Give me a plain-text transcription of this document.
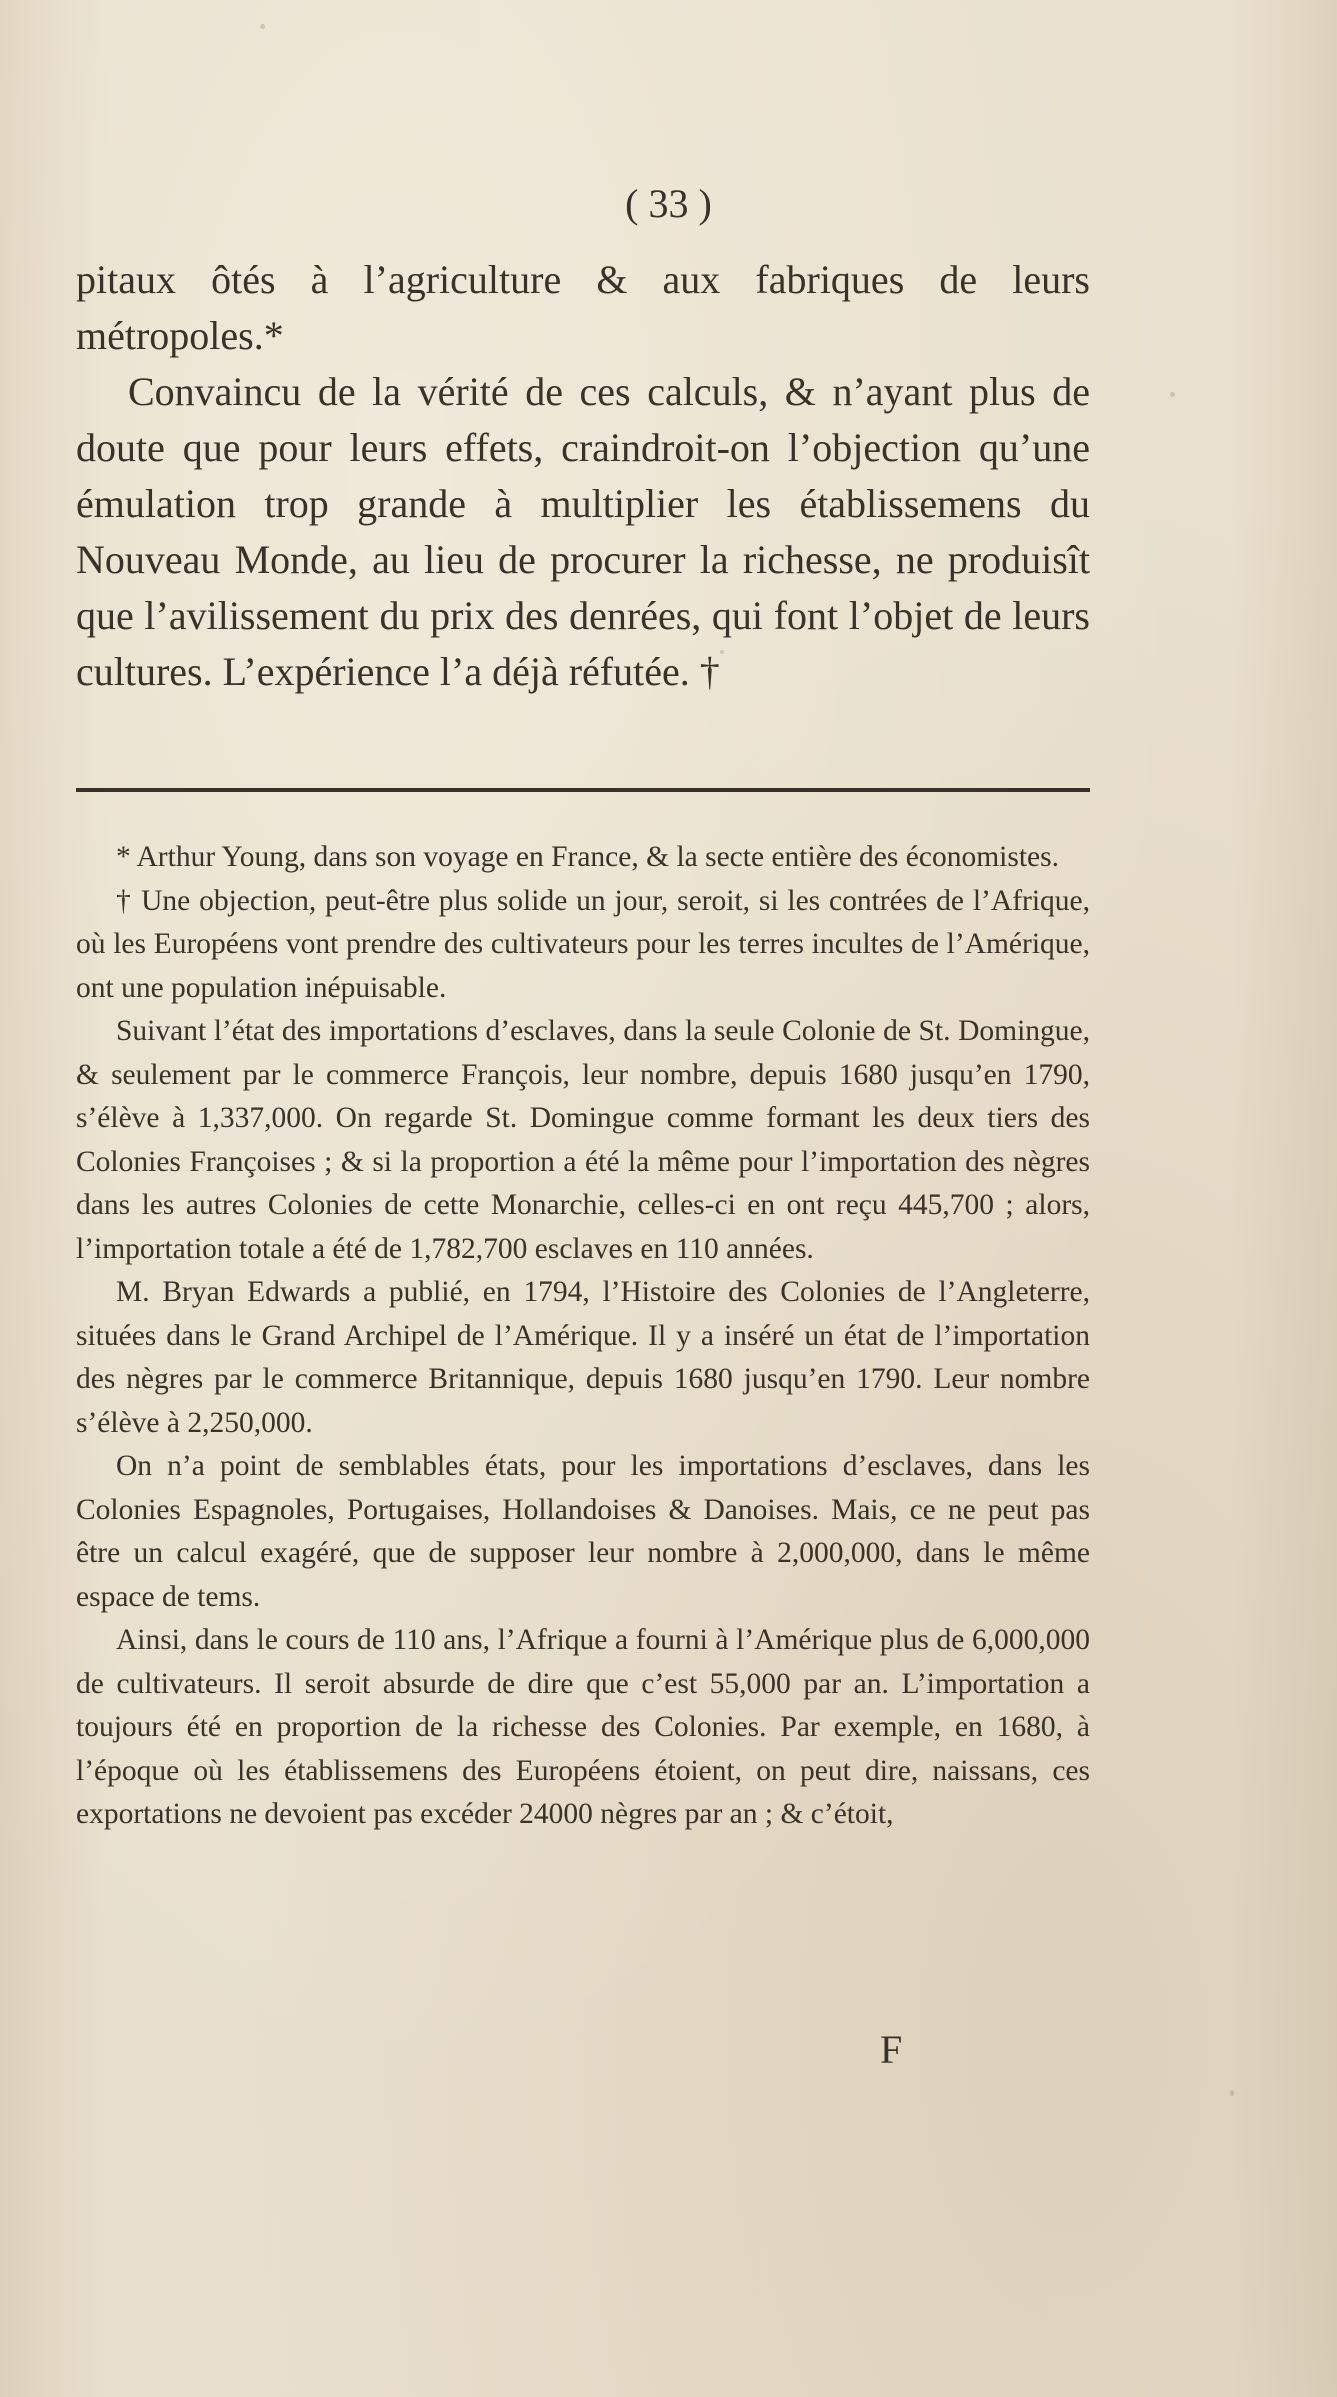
( 33 )

pitaux ôtés à l’agriculture & aux fabriques de leurs métropoles.*

Convaincu de la vérité de ces calculs, & n’ayant plus de doute que pour leurs effets, craindroit-on l’objection qu’une émulation trop grande à multiplier les établissemens du Nouveau Monde, au lieu de procurer la richesse, ne produisît que l’avilissement du prix des denrées, qui font l’objet de leurs cultures. L’expérience l’a déjà réfutée. †

* Arthur Young, dans son voyage en France, & la secte entière des économistes.

† Une objection, peut-être plus solide un jour, seroit, si les contrées de l’Afrique, où les Européens vont prendre des cultivateurs pour les terres incultes de l’Amérique, ont une population inépuisable.

Suivant l’état des importations d’esclaves, dans la seule Colonie de St. Domingue, & seulement par le commerce François, leur nombre, depuis 1680 jusqu’en 1790, s’élève à 1,337,000. On regarde St. Domingue comme formant les deux tiers des Colonies Françoises ; & si la proportion a été la même pour l’importation des nègres dans les autres Colonies de cette Monarchie, celles-ci en ont reçu 445,700 ; alors, l’importation totale a été de 1,782,700 esclaves en 110 années.

M. Bryan Edwards a publié, en 1794, l’Histoire des Colonies de l’Angleterre, situées dans le Grand Archipel de l’Amérique. Il y a inséré un état de l’importation des nègres par le commerce Britannique, depuis 1680 jusqu’en 1790. Leur nombre s’élève à 2,250,000.

On n’a point de semblables états, pour les importations d’esclaves, dans les Colonies Espagnoles, Portugaises, Hollandoises & Danoises. Mais, ce ne peut pas être un calcul exagéré, que de supposer leur nombre à 2,000,000, dans le même espace de tems.

Ainsi, dans le cours de 110 ans, l’Afrique a fourni à l’Amérique plus de 6,000,000 de cultivateurs. Il seroit absurde de dire que c’est 55,000 par an. L’importation a toujours été en proportion de la richesse des Colonies. Par exemple, en 1680, à l’époque où les établissemens des Européens étoient, on peut dire, naissans, ces exportations ne devoient pas excéder 24000 nègres par an ; & c’étoit,

F
